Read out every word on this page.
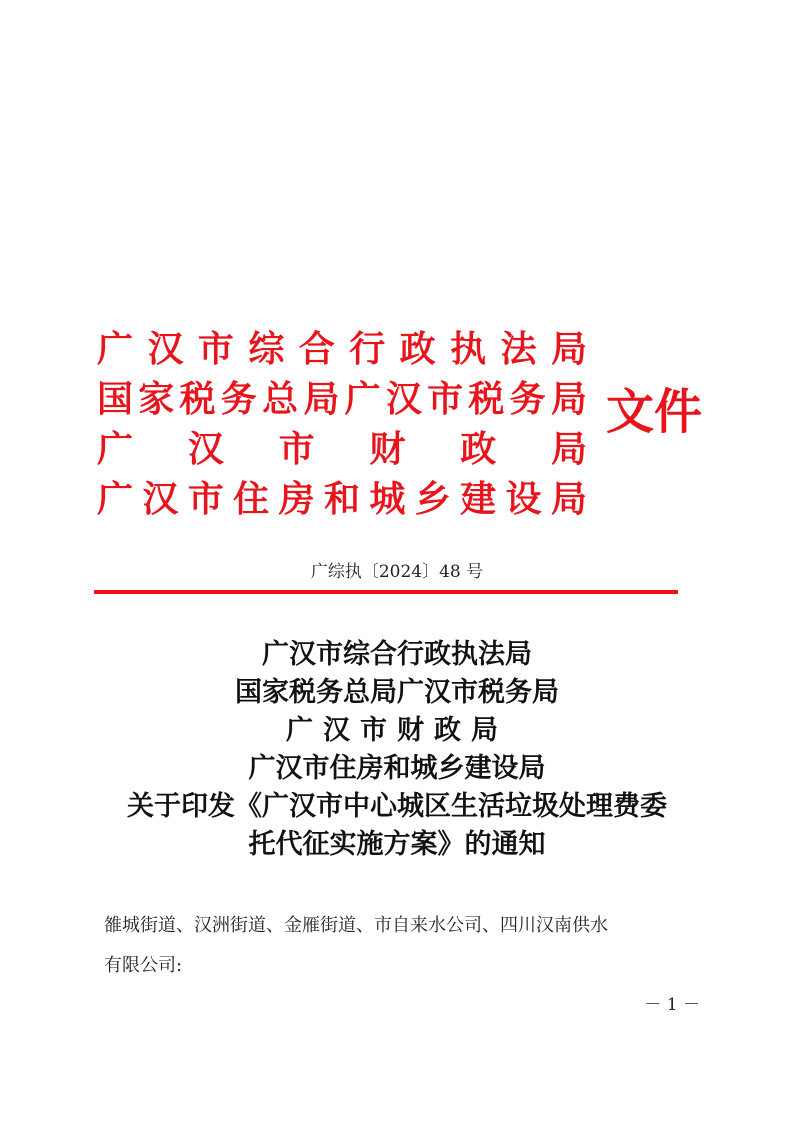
广 汉 市 综 合 行 政 执 法 局
国 家 税 务 总 局 广 汉 市 税 务 局
广 汉 市 财 政 局
广 汉 市 住 房 和 城 乡 建 设 局
文件
广综执〔2024〕48 号
广汉市综合行政执法局
国家税务总局广汉市税务局
广汉市财政局
广汉市住房和城乡建设局
关于印发《广汉市中心城区生活垃圾处理费委
托代征实施方案》的通知
雒城街道、汉洲街道、金雁街道、市自来水公司、四川汉南供水
有限公司:
－ 1 －
